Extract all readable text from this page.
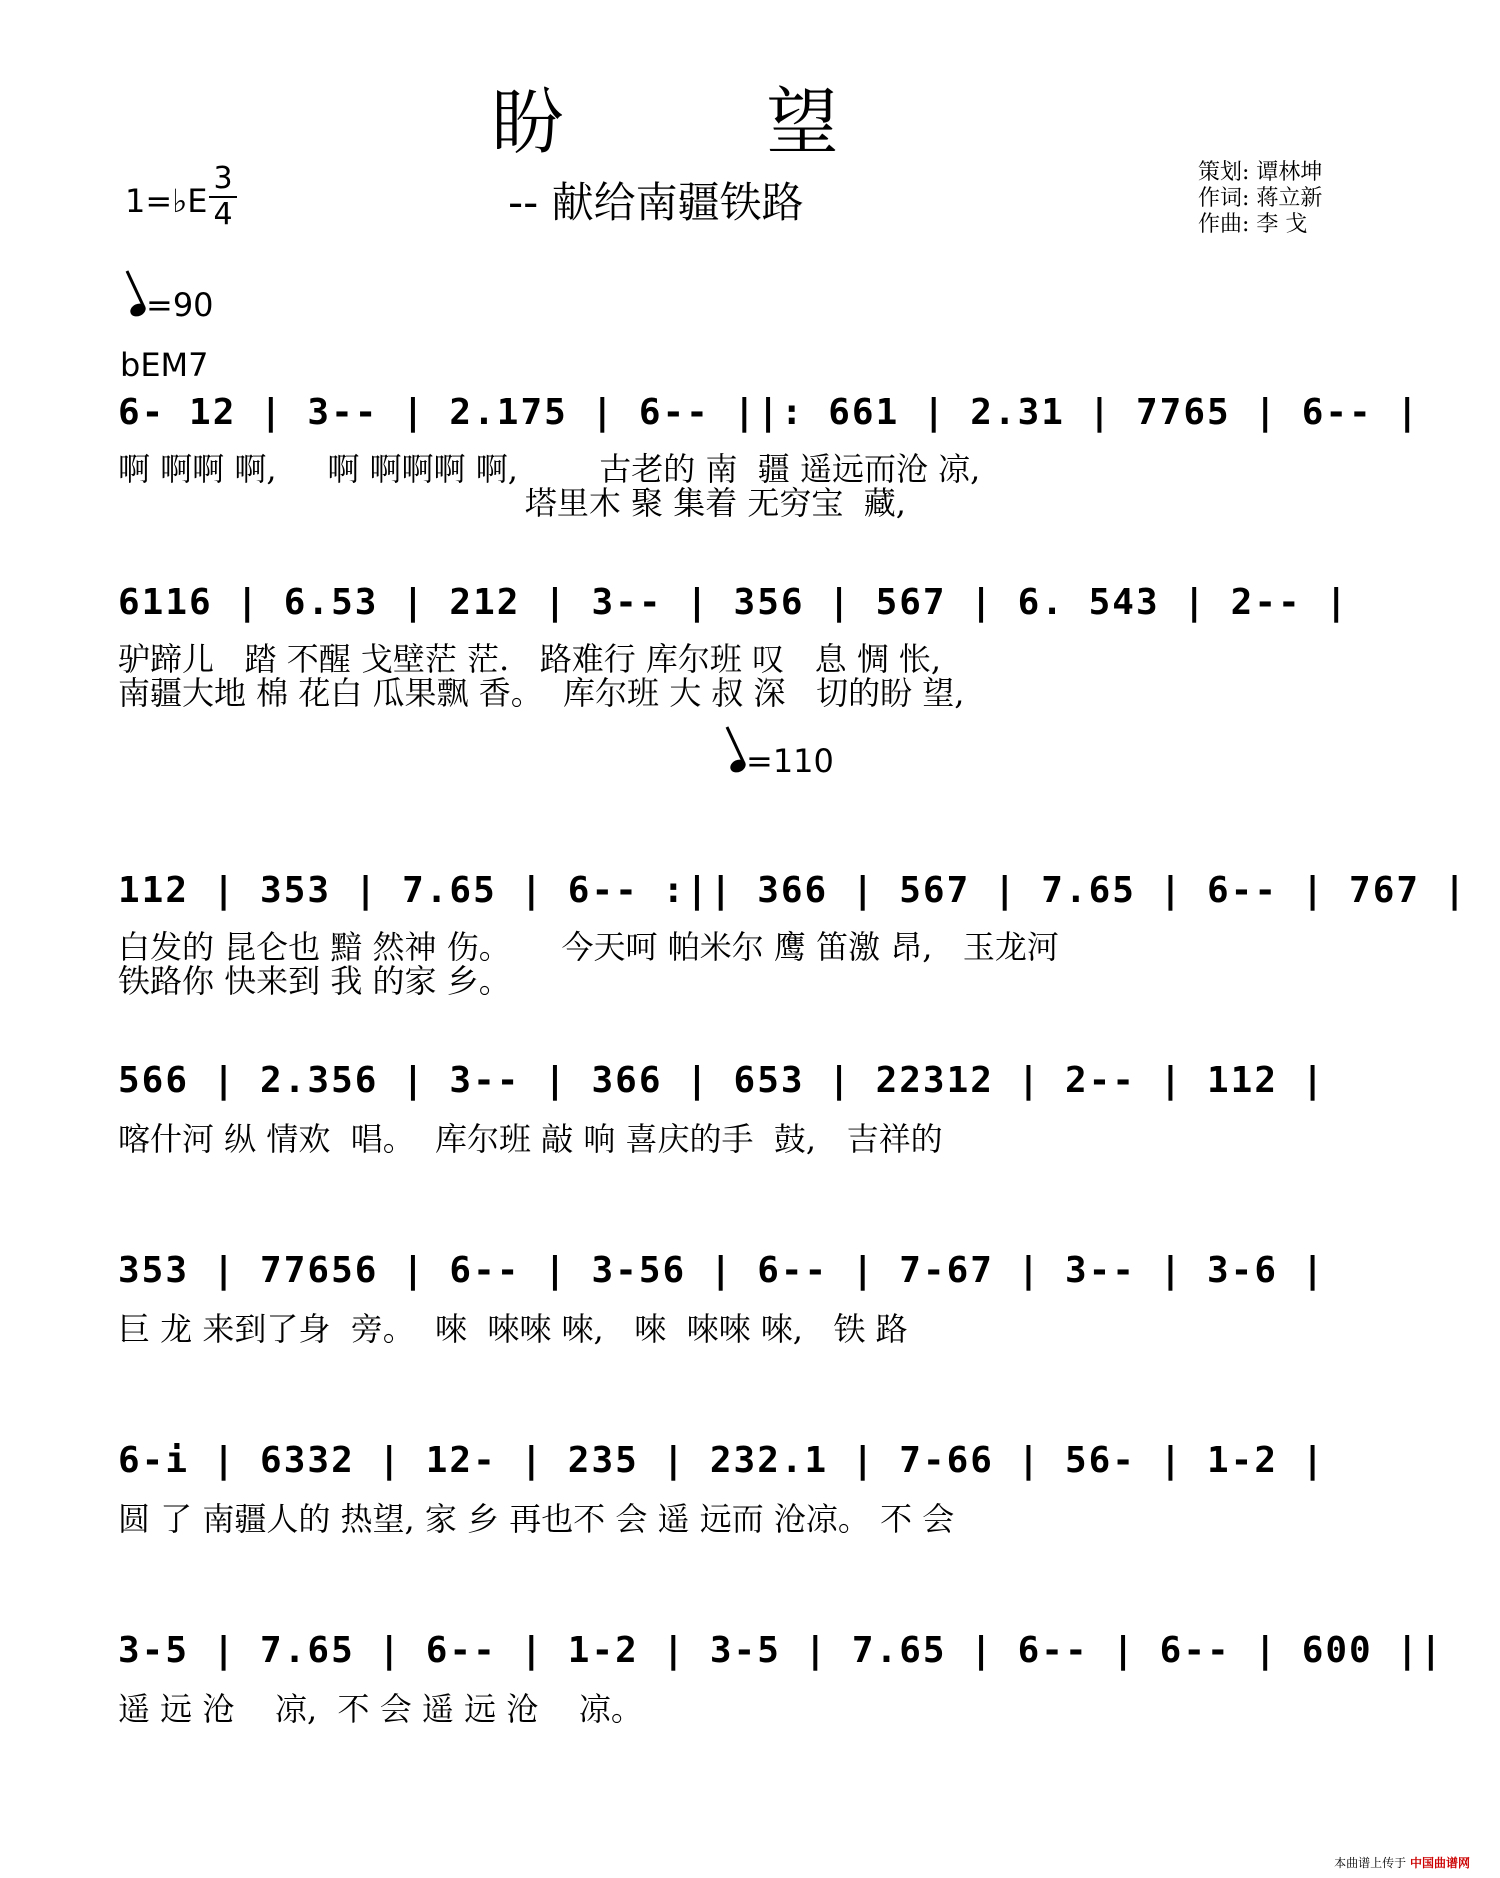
盼 望
-- 献给南疆铁路
1=♭E $\frac{3}{4}$	策划: 谭林坤
作词: 蒋立新
作曲: 李 戈
=90
bEM7
6- 12 | 3-- | 2.175 | 6-- ||: 661 | 2.31 | 7765 | 6-- |
啊 啊啊 啊,     啊 啊啊啊 啊,        古老的 南  疆 遥远而沧 凉,
塔里木 聚 集着 无穷宝  藏,
6116 | 6.53 | 212 | 3-- | 356 | 567 | 6. 543 | 2-- |
驴蹄儿   踏 不醒 戈壁茫 茫.   路难行 库尔班 叹   息 惆 怅,
南疆大地 棉 花白 瓜果飘 香。  库尔班 大 叔 深   切的盼 望,
=110
112 | 353 | 7.65 | 6-- :|| 366 | 567 | 7.65 | 6-- | 767 |
白发的 昆仑也 黯 然神 伤。     今天呵 帕米尔 鹰 笛激 昂,   玉龙河
铁路你 快来到 我 的家 乡。
566 | 2.356 | 3-- | 366 | 653 | 22312 | 2-- | 112 |
喀什河 纵 情欢  唱。  库尔班 敲 响 喜庆的手  鼓,   吉祥的
353 | 77656 | 6-- | 3-56 | 6-- | 7-67 | 3-- | 3-6 |
巨 龙 来到了身  旁。  唻  唻唻 唻,   唻  唻唻 唻,   铁 路
6-i | 6332 | 12- | 235 | 232.1 | 7-66 | 56- | 1-2 |
圆 了 南疆人的 热望, 家 乡 再也不 会 遥 远而 沧凉。 不 会
3-5 | 7.65 | 6-- | 1-2 | 3-5 | 7.65 | 6-- | 6-- | 600 ||
遥 远 沧    凉,  不 会 遥 远 沧    凉。
本曲谱上传于 中国曲谱网
